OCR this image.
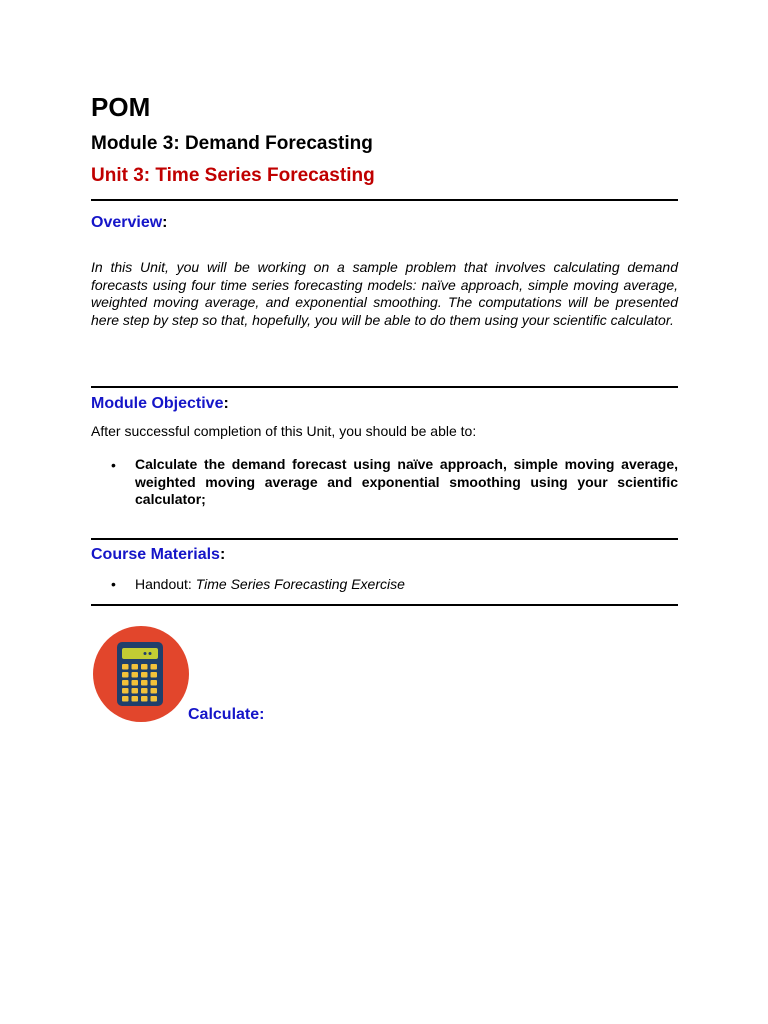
POM
Module 3: Demand Forecasting
Unit 3: Time Series Forecasting
Overview:

In this Unit, you will be working on a sample problem that involves calculating demand forecasts using four time series forecasting models: naïve approach, simple moving average, weighted moving average, and exponential smoothing. The computations will be presented here step by step so that, hopefully, you will be able to do them using your scientific calculator.

Module Objective:

After successful completion of this Unit, you should be able to:

• Calculate the demand forecast using naïve approach, simple moving average, weighted moving average and exponential smoothing using your scientific calculator;

Course Materials:
• Handout: Time Series Forecasting Exercise

Calculate:
